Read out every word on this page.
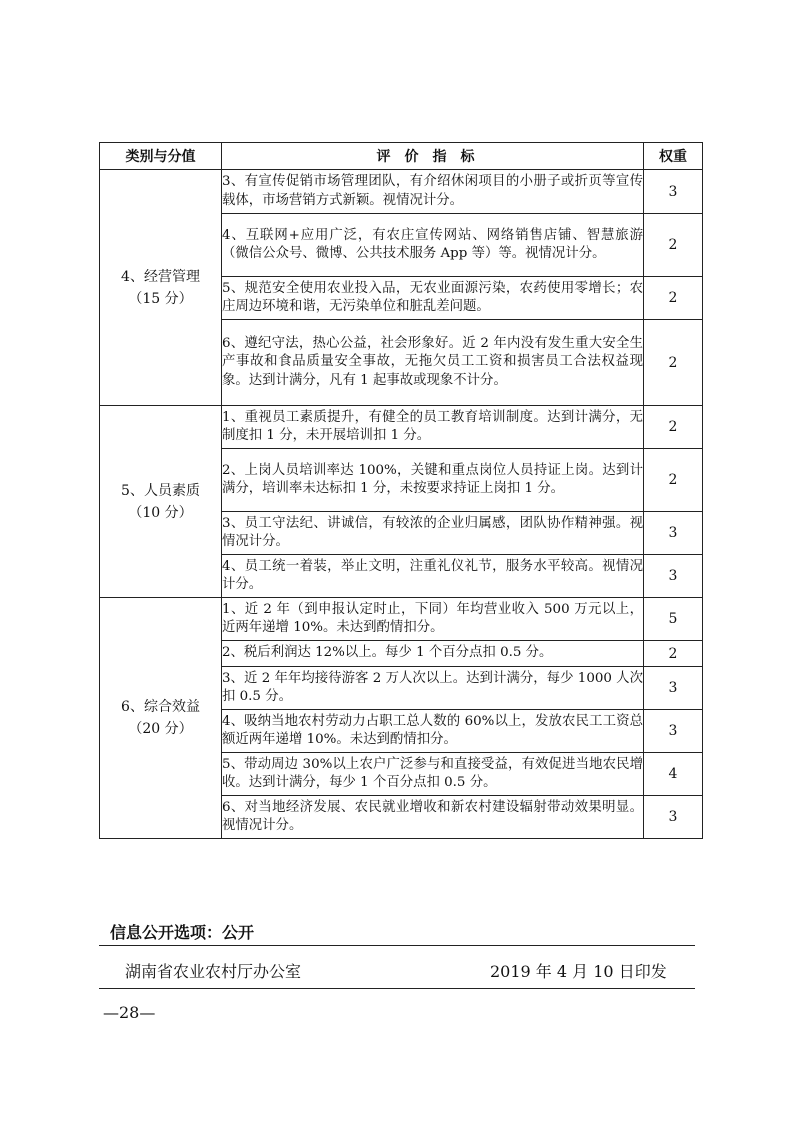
类别与分值	评价指标	权重

4、经营管理
（15 分）	3、有宣传促销市场管理团队，有介绍休闲项目的小册子或折页等宣传载体，市场营销方式新颖。视情况计分。	3
	4、互联网+应用广泛，有农庄宣传网站、网络销售店铺、智慧旅游（微信公众号、微博、公共技术服务 App 等）等。视情况计分。	2
	5、规范安全使用农业投入品，无农业面源污染，农药使用零增长；农庄周边环境和谐，无污染单位和脏乱差问题。	2
	6、遵纪守法，热心公益，社会形象好。近 2 年内没有发生重大安全生产事故和食品质量安全事故，无拖欠员工工资和损害员工合法权益现象。达到计满分，凡有 1 起事故或现象不计分。	2

5、人员素质
（10 分）	1、重视员工素质提升，有健全的员工教育培训制度。达到计满分，无制度扣 1 分，未开展培训扣 1 分。	2
	2、上岗人员培训率达 100%，关键和重点岗位人员持证上岗。达到计满分，培训率未达标扣 1 分，未按要求持证上岗扣 1 分。	2
	3、员工守法纪、讲诚信，有较浓的企业归属感，团队协作精神强。视情况计分。	3
	4、员工统一着装，举止文明，注重礼仪礼节，服务水平较高。视情况计分。	3

6、综合效益
（20 分）	1、近 2 年（到申报认定时止，下同）年均营业收入 500 万元以上，近两年递增 10%。未达到酌情扣分。	5
	2、税后利润达 12%以上。每少 1 个百分点扣 0.5 分。	2
	3、近 2 年年均接待游客 2 万人次以上。达到计满分，每少 1000 人次扣 0.5 分。	3
	4、吸纳当地农村劳动力占职工总人数的 60%以上，发放农民工工资总额近两年递增 10%。未达到酌情扣分。	3
	5、带动周边 30%以上农户广泛参与和直接受益，有效促进当地农民增收。达到计满分，每少 1 个百分点扣 0.5 分。	4
	6、对当地经济发展、农民就业增收和新农村建设辐射带动效果明显。视情况计分。	3
信息公开选项：公开
湖南省农业农村厅办公室	2019 年 4 月 10 日印发
—28—
